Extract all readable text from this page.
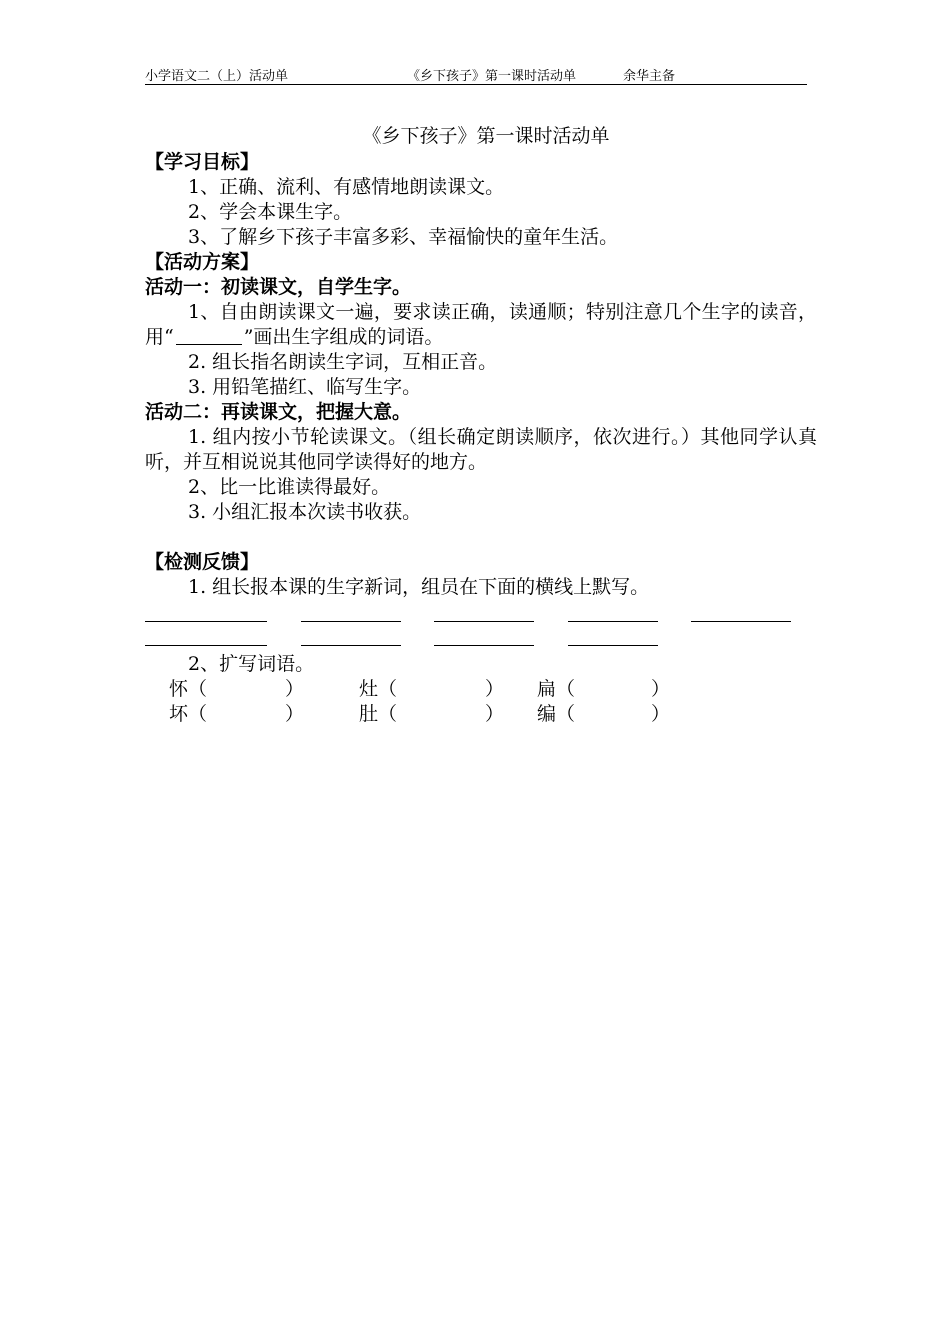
小学语文二（上）活动单	《乡下孩子》第一课时活动单	余华主备
《乡下孩子》第一课时活动单
【学习目标】
1、正确、流利、有感情地朗读课文。
2、学会本课生字。
3、了解乡下孩子丰富多彩、幸福愉快的童年生活。
【活动方案】
活动一：初读课文，自学生字。
1、自由朗读课文一遍，要求读正确，读通顺；特别注意几个生字的读音，用“	”画出生字组成的词语。
2. 组长指名朗读生字词，互相正音。
3. 用铅笔描红、临写生字。
活动二：再读课文，把握大意。
1. 组内按小节轮读课文。（组长确定朗读顺序，依次进行。）其他同学认真听，并互相说说其他同学读得好的地方。
2、比一比谁读得最好。
3. 小组汇报本次读书收获。
【检测反馈】
1. 组长报本课的生字新词，组员在下面的横线上默写。
2、扩写词语。
怀 （	）	灶 （	） 扁 （	）
坏 （	）	肚 （	） 编 （	）
